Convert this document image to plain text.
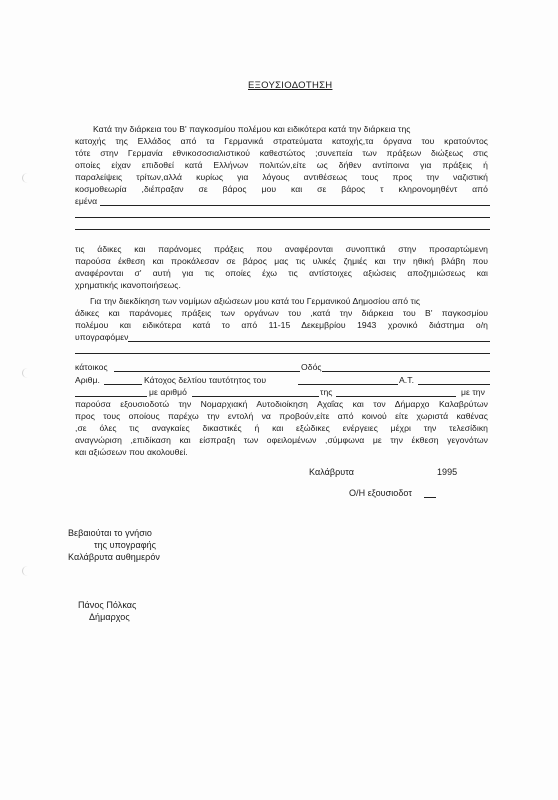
ΕΞΟΥΣΙΟΔΟΤΗΣΗ
Κατά την διάρκεια του Β' παγκοσμίου πολέμου και ειδικότερα κατά την διάρκεια της
κατοχής της Ελλάδος από τα Γερμανικά στρατεύματα κατοχής,τα όργανα του κρατούντος
τότε στην Γερμανία εθνικοσοσιαλιστικού καθεστώτος ;συνεπεία των πράξεων διώξεως στις
οποίες είχαν επιδοθεί κατά Ελλήνων πολιτών,είτε ως δήθεν αντίποινα για πράξεις ή
παραλείψεις τρίτων,αλλά κυρίως για λόγους αντιθέσεως τους προς την ναζιστική
κοσμοθεωρία ,διέπραξαν σε βάρος μου και σε βάρος τ κληρονομηθέντ από
εμένα
τις άδικες και παράνομες πράξεις που αναφέρονται συνοπτικά στην προσαρτώμενη
παρούσα έκθεση και προκάλεσαν σε βάρος μας τις υλικές ζημιές και την ηθική βλάβη που
αναφέρονται σ' αυτή για τις οποίες έχω τις αντίστοιχες αξιώσεις αποζημιώσεως και
χρηματικής ικανοποιήσεως.
Για την διεκδίκηση των νομίμων αξιώσεων μου κατά του Γερμανικού Δημοσίου από τις
άδικες και παράνομες πράξεις των οργάνων του ,κατά την διάρκεια του Β' παγκοσμίου
πολέμου και ειδικότερα κατά το από 11-15 Δεκεμβρίου 1943 χρονικό διάστημα ο/η
υπογραφόμεν
κάτοικος	Οδός
Αριθμ.	Κάτοχος δελτίου ταυτότητος του	Α.Τ.
με αριθμό	της	με την
παρούσα εξουσιοδοτώ την Νομαρχιακή Αυτοδιοίκηση Αχαΐας και τον Δήμαρχο Καλαβρύτων
προς τους οποίους παρέχω την εντολή να προβούν,είτε από κοινού είτε χωριστά καθένας
,σε όλες τις αναγκαίες δικαστικές ή και εξώδικες ενέργειες μέχρι την τελεσίδικη
αναγνώριση ,επιδίκαση και είσπραξη των οφειλομένων ,σύμφωνα με την έκθεση γεγονότων
και αξιώσεων που ακολουθεί.
Καλάβρυτα	1995
Ο/Η εξουσιοδοτ
Βεβαιούται το γνήσιο
της υπογραφής
Καλάβρυτα αυθημερόν
Πάνος Πόλκας
Δήμαρχος
